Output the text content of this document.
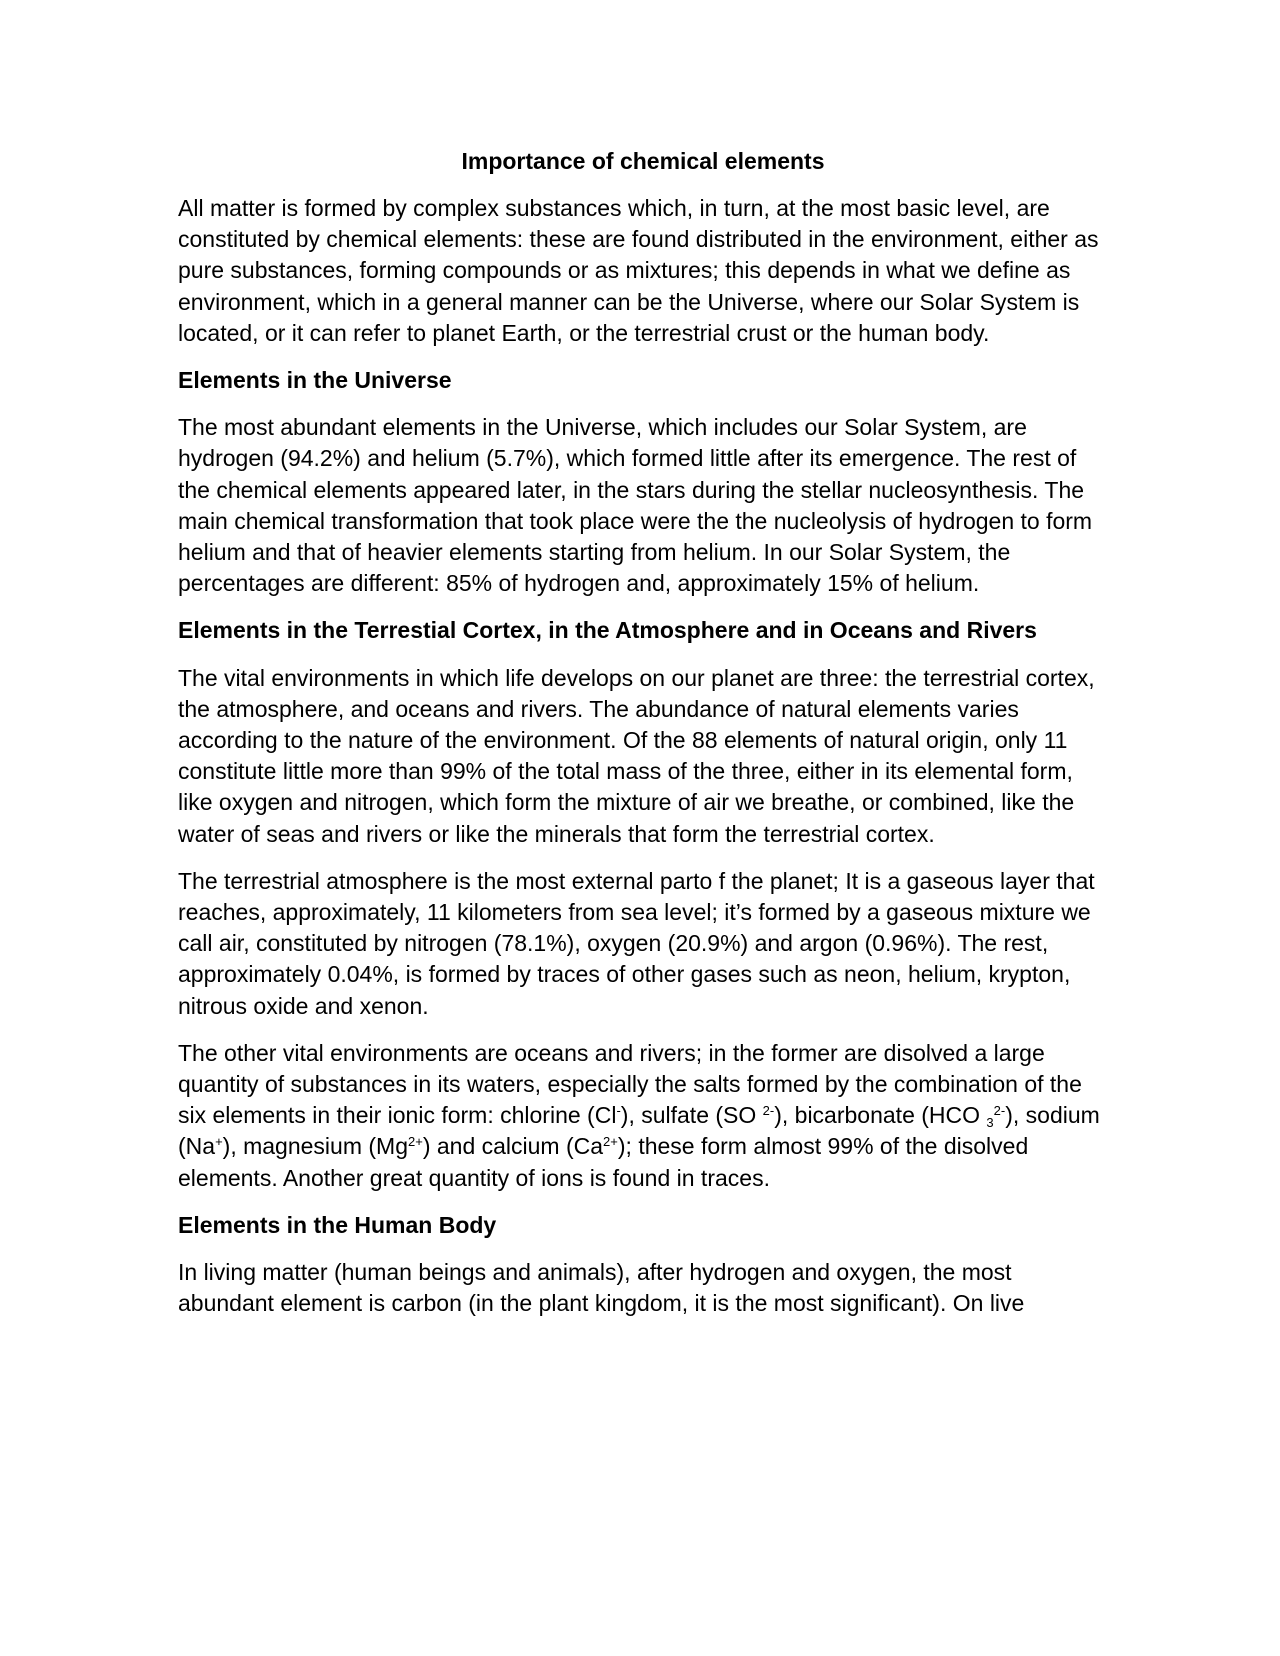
Importance of chemical elements

All matter is formed by complex substances which, in turn, at the most basic level, are constituted by chemical elements: these are found distributed in the environment, either as pure substances, forming compounds or as mixtures; this depends in what we define as environment, which in a general manner can be the Universe, where our Solar System is located, or it can refer to planet Earth, or the terrestrial crust or the human body.

Elements in the Universe

The most abundant elements in the Universe, which includes our Solar System, are hydrogen (94.2%) and helium (5.7%), which formed little after its emergence. The rest of the chemical elements appeared later, in the stars during the stellar nucleosynthesis. The main chemical transformation that took place were the the nucleolysis of hydrogen to form helium and that of heavier elements starting from helium. In our Solar System, the percentages are different: 85% of hydrogen and, approximately 15% of helium.

Elements in the Terrestial Cortex, in the Atmosphere and in Oceans and Rivers

The vital environments in which life develops on our planet are three: the terrestrial cortex, the atmosphere, and oceans and rivers. The abundance of natural elements varies according to the nature of the environment. Of the 88 elements of natural origin, only 11 constitute little more than 99% of the total mass of the three, either in its elemental form, like oxygen and nitrogen, which form the mixture of air we breathe, or combined, like the water of seas and rivers or like the minerals that form the terrestrial cortex.

The terrestrial atmosphere is the most external parto f the planet; It is a gaseous layer that reaches, approximately, 11 kilometers from sea level; it’s formed by a gaseous mixture we call air, constituted by nitrogen (78.1%), oxygen (20.9%) and argon (0.96%). The rest, approximately 0.04%, is formed by traces of other gases such as neon, helium, krypton, nitrous oxide and xenon.

The other vital environments are oceans and rivers; in the former are disolved a large quantity of substances in its waters, especially the salts formed by the combination of the six elements in their ionic form: chlorine (Cl-), sulfate (SO $^{2-}$), bicarbonate (HCO $_3^{2-}$), sodium (Na+), magnesium $(Mg^{2+})$ and calcium $(Ca^{2+})$; these form almost 99% of the disolved elements. Another great quantity of ions is found in traces.

Elements in the Human Body

In living matter (human beings and animals), after hydrogen and oxygen, the most abundant element is carbon (in the plant kingdom, it is the most significant). On live
